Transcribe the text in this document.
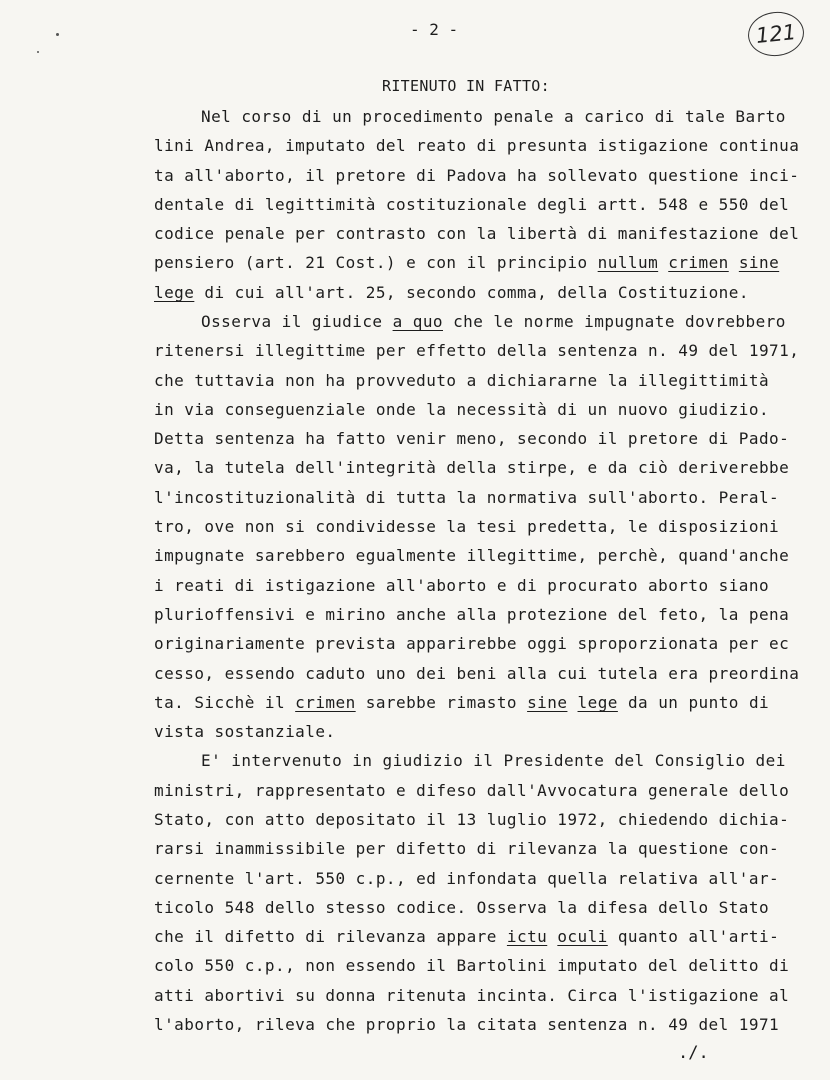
- 2 -	121
RITENUTO IN FATTO:
Nel corso di un procedimento penale a carico di tale Barto
lini Andrea, imputato del reato di presunta istigazione continua
ta all'aborto, il pretore di Padova ha sollevato questione inci-
dentale di legittimità costituzionale degli artt. 548 e 550 del
codice penale per contrasto con la libertà di manifestazione del
pensiero (art. 21 Cost.) e con il principio nullum crimen sine
lege di cui all'art. 25, secondo comma, della Costituzione.
Osserva il giudice a quo che le norme impugnate dovrebbero
ritenersi illegittime per effetto della sentenza n. 49 del 1971,
che tuttavia non ha provveduto a dichiararne la illegittimità
in via conseguenziale onde la necessità di un nuovo giudizio.
Detta sentenza ha fatto venir meno, secondo il pretore di Pado-
va, la tutela dell'integrità della stirpe, e da ciò deriverebbe
l'incostituzionalità di tutta la normativa sull'aborto. Peral-
tro, ove non si condividesse la tesi predetta, le disposizioni
impugnate sarebbero egualmente illegittime, perchè, quand'anche
i reati di istigazione all'aborto e di procurato aborto siano
plurioffensivi e mirino anche alla protezione del feto, la pena
originariamente prevista apparirebbe oggi sproporzionata per ec
cesso, essendo caduto uno dei beni alla cui tutela era preordina
ta. Sicchè il crimen sarebbe rimasto sine lege da un punto di
vista sostanziale.
E' intervenuto in giudizio il Presidente del Consiglio dei
ministri, rappresentato e difeso dall'Avvocatura generale dello
Stato, con atto depositato il 13 luglio 1972, chiedendo dichia-
rarsi inammissibile per difetto di rilevanza la questione con-
cernente l'art. 550 c.p., ed infondata quella relativa all'ar-
ticolo 548 dello stesso codice. Osserva la difesa dello Stato
che il difetto di rilevanza appare ictu oculi quanto all'arti-
colo 550 c.p., non essendo il Bartolini imputato del delitto di
atti abortivi su donna ritenuta incinta. Circa l'istigazione al
./.
l'aborto, rileva che proprio la citata sentenza n. 49 del 1971
